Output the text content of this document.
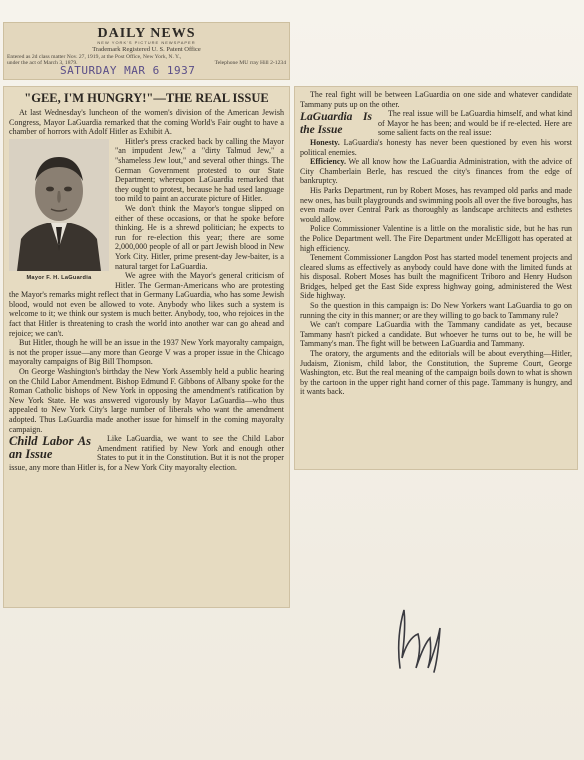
DAILY NEWS
NEW YORK'S PICTURE NEWSPAPER
Trademark Registered U. S. Patent Office
Entered as 2d class matter Nov. 27, 1919, at the Post Office, New York, N. Y.,
under the act of March 3, 1879.	Telephone MU rray Hill 2-1234
SATURDAY MAR 6 1937
"GEE, I'M HUNGRY!"—THE REAL ISSUE

At last Wednesday's luncheon of the women's division of the American Jewish Congress, Mayor LaGuardia remarked that the coming World's Fair ought to have a chamber of horrors with Adolf Hitler as Exhibit A.

Mayor F. H. LaGuardia

Hitler's press cracked back by calling the Mayor "an impudent Jew," a "dirty Talmud Jew," a "shameless Jew lout," and several other things. The German Government protested to our State Department; whereupon LaGuardia remarked that they ought to protest, because he had used language too mild to paint an accurate picture of Hitler.

We don't think the Mayor's tongue slipped on either of these occasions, or that he spoke before thinking. He is a shrewd politician; he expects to run for re-election this year; there are some 2,000,000 people of all or part Jewish blood in New York City. Hitler, prime present-day Jew-baiter, is a natural target for LaGuardia.

We agree with the Mayor's general criticism of Hitler. The German-Americans who are protesting the Mayor's remarks might reflect that in Germany LaGuardia, who has some Jewish blood, would not even be allowed to vote. Anybody who likes such a system is welcome to it; we think our system is much better. Anybody, too, who rejoices in the fact that Hitler is threatening to crash the world into another war can go ahead and rejoice; we can't.

But Hitler, though he will be an issue in the 1937 New York mayoralty campaign, is not the proper issue—any more than George V was a proper issue in the Chicago mayoralty campaigns of Big Bill Thompson.

On George Washington's birthday the New York Assembly held a public hearing on the Child Labor Amendment. Bishop Edmund F. Gibbons of Albany spoke for the Roman Catholic bishops of New York in opposing the amendment's ratification by New York State. He was answered vigorously by Mayor LaGuardia—who thus appealed to New York City's large number of liberals who want the amendment adopted. Thus LaGuardia made another issue for himself in the coming mayoralty campaign.

Child Labor As an Issue

Like LaGuardia, we want to see the Child Labor Amendment ratified by New York and enough other States to put it in the Constitution. But it is not the proper issue, any more than Hitler is, for a New York City mayoralty election.

The real fight will be between LaGuardia on one side and whatever candidate Tammany puts up on the other.

LaGuardia Is the Issue

The real issue will be LaGuardia himself, and what kind of Mayor he has been; and would be if re-elected. Here are some salient facts on the real issue:

Honesty. LaGuardia's honesty has never been questioned by even his worst political enemies.

Efficiency. We all know how the LaGuardia Administration, with the advice of City Chamberlain Berle, has rescued the city's finances from the edge of bankruptcy.

His Parks Department, run by Robert Moses, has revamped old parks and made new ones, has built playgrounds and swimming pools all over the five boroughs, has even made over Central Park as thoroughly as landscape architects and esthetes would allow.

Police Commissioner Valentine is a little on the moralistic side, but he has run the Police Department well. The Fire Department under McElligott has operated at high efficiency.

Tenement Commissioner Langdon Post has started model tenement projects and cleared slums as effectively as anybody could have done with the limited funds at his disposal. Robert Moses has built the magnificent Triboro and Henry Hudson Bridges, helped get the East Side express highway going, administered the West Side highway.

So the question in this campaign is: Do New Yorkers want LaGuardia to go on running the city in this manner; or are they willing to go back to Tammany rule?

We can't compare LaGuardia with the Tammany candidate as yet, because Tammany hasn't picked a candidate. But whoever he turns out to be, he will be Tammany's man. The fight will be between LaGuardia and Tammany.

The oratory, the arguments and the editorials will be about everything—Hitler, Judaism, Zionism, child labor, the Constitution, the Supreme Court, George Washington, etc. But the real meaning of the campaign boils down to what is shown by the cartoon in the upper right hand corner of this page. Tammany is hungry, and it wants back.
